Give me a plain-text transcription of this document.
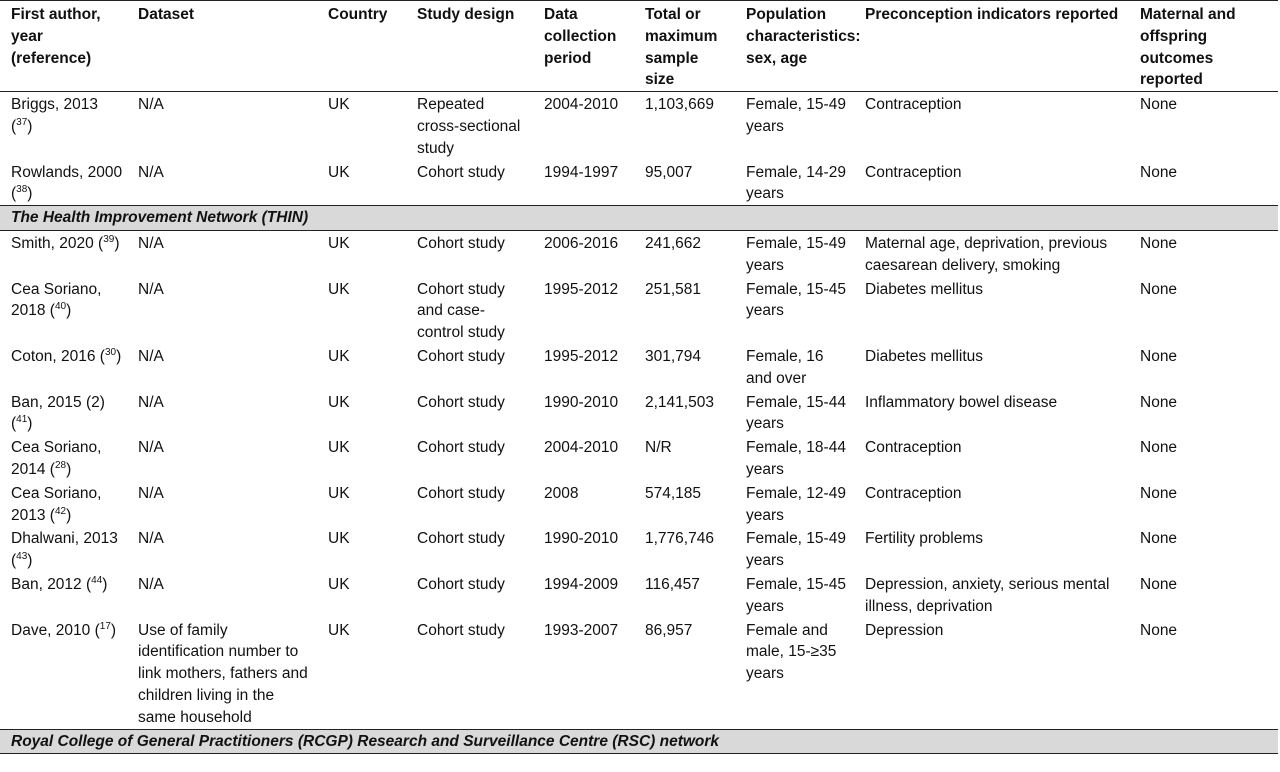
First author, year (reference)	Dataset	Country	Study design	Data collection period	Total or maximum sample size	Population characteristics: sex, age	Preconception indicators reported	Maternal and offspring outcomes reported
Briggs, 2013 ($^{37}$)	N/A	UK	Repeated cross-sectional study	2004-2010	1,103,669	Female, 15-49 years	Contraception	None
Rowlands, 2000 ($^{38}$)	N/A	UK	Cohort study	1994-1997	95,007	Female, 14-29 years	Contraception	None
The Health Improvement Network (THIN)								
Smith, 2020 ($^{39}$)	N/A	UK	Cohort study	2006-2016	241,662	Female, 15-49 years	Maternal age, deprivation, previous caesarean delivery, smoking	None
Cea Soriano, 2018 ($^{40}$)	N/A	UK	Cohort study and case-control study	1995-2012	251,581	Female, 15-45 years	Diabetes mellitus	None
Coton, 2016 ($^{30}$)	N/A	UK	Cohort study	1995-2012	301,794	Female, 16 and over	Diabetes mellitus	None
Ban, 2015 (2) ($^{41}$)	N/A	UK	Cohort study	1990-2010	2,141,503	Female, 15-44 years	Inflammatory bowel disease	None
Cea Soriano, 2014 ($^{28}$)	N/A	UK	Cohort study	2004-2010	N/R	Female, 18-44 years	Contraception	None
Cea Soriano, 2013 ($^{42}$)	N/A	UK	Cohort study	2008	574,185	Female, 12-49 years	Contraception	None
Dhalwani, 2013 ($^{43}$)	N/A	UK	Cohort study	1990-2010	1,776,746	Female, 15-49 years	Fertility problems	None
Ban, 2012 ($^{44}$)	N/A	UK	Cohort study	1994-2009	116,457	Female, 15-45 years	Depression, anxiety, serious mental illness, deprivation	None
Dave, 2010 ($^{17}$)	Use of family identification number to link mothers, fathers and children living in the same household	UK	Cohort study	1993-2007	86,957	Female and male, 15-≥35 years	Depression	None
Royal College of General Practitioners (RCGP) Research and Surveillance Centre (RSC) network								
